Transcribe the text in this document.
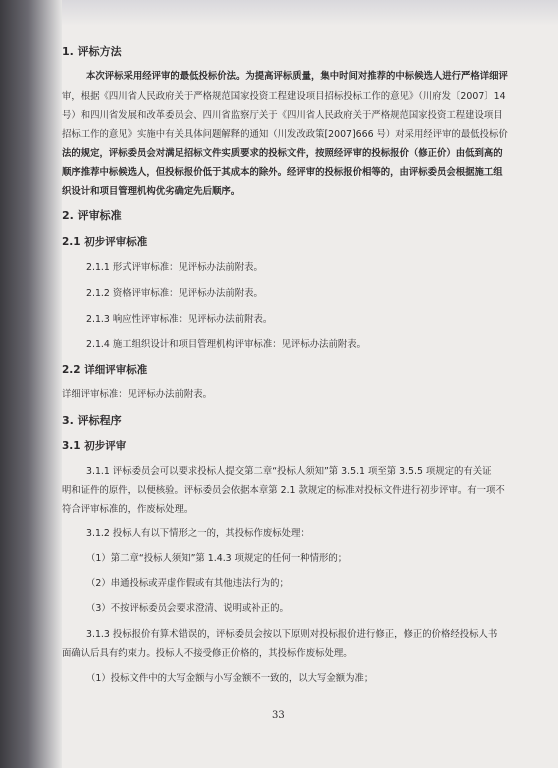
1. 评标方法
本次评标采用经评审的最低投标价法。为提高评标质量，集中时间对推荐的中标候选人进行严格详细评
审，根据《四川省人民政府关于严格规范国家投资工程建设项目招标投标工作的意见》（川府发〔2007〕14
号）和四川省发展和改革委员会、四川省监察厅关于《四川省人民政府关于严格规范国家投资工程建设项目
招标工作的意见》实施中有关具体问题解释的通知（川发改政策[2007]666 号）对采用经评审的最低投标价
法的规定，评标委员会对满足招标文件实质要求的投标文件，按照经评审的投标报价（修正价）由低到高的
顺序推荐中标候选人，但投标报价低于其成本的除外。经评审的投标报价相等的，由评标委员会根据施工组
织设计和项目管理机构优劣确定先后顺序。
2. 评审标准
2.1 初步评审标准
2.1.1 形式评审标准：见评标办法前附表。
2.1.2 资格评审标准：见评标办法前附表。
2.1.3 响应性评审标准：见评标办法前附表。
2.1.4 施工组织设计和项目管理机构评审标准：见评标办法前附表。
2.2 详细评审标准
详细评审标准：见评标办法前附表。
3. 评标程序
3.1 初步评审
3.1.1 评标委员会可以要求投标人提交第二章“投标人须知”第 3.5.1 项至第 3.5.5 项规定的有关证
明和证件的原件，以便核验。评标委员会依据本章第 2.1 款规定的标准对投标文件进行初步评审。有一项不
符合评审标准的，作废标处理。
3.1.2 投标人有以下情形之一的，其投标作废标处理：
（1）第二章“投标人须知”第 1.4.3 项规定的任何一种情形的；
（2）串通投标或弄虚作假或有其他违法行为的；
（3）不按评标委员会要求澄清、说明或补正的。
3.1.3 投标报价有算术错误的，评标委员会按以下原则对投标报价进行修正，修正的价格经投标人书
面确认后具有约束力。投标人不接受修正价格的，其投标作废标处理。
（1）投标文件中的大写金额与小写金额不一致的，以大写金额为准；
33
